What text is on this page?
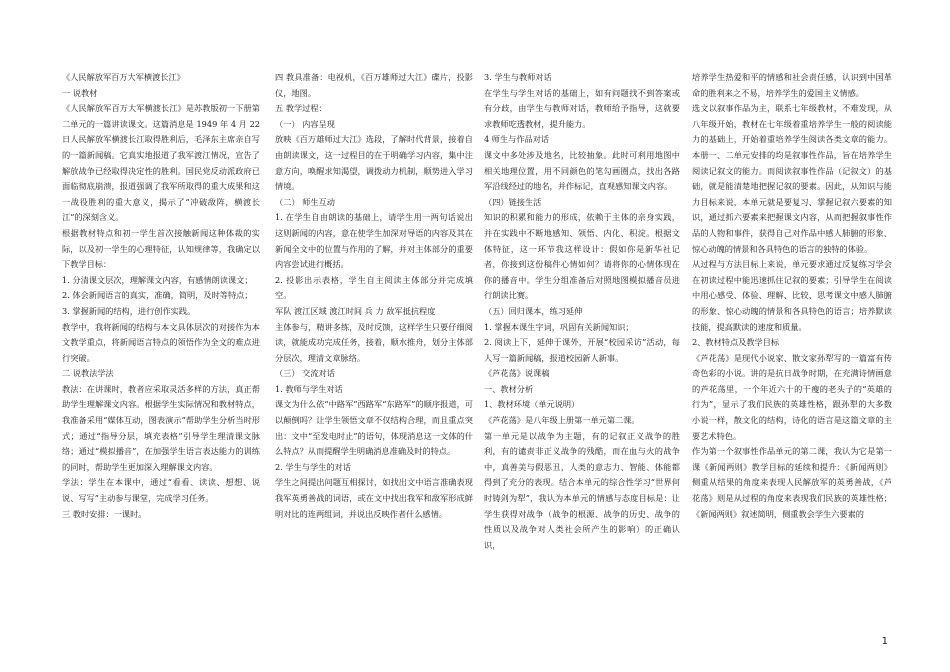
《人民解放军百万大军横渡长江》

一 说教材

《人民解放军百万大军横渡长江》是苏教版初一下册第二单元的一篇讲读课文。这篇消息是 1949 年 4 月 22 日人民解放军横渡长江取得胜利后，毛泽东主席亲自写的一篇新闻稿。它真实地报道了我军渡江情况，宣告了解放战争已经取得决定性的胜利。国民党反动派政府已面临彻底崩溃，报道强调了我军所取得的重大成果和这一战役胜利的重大意义，揭示了“冲破敌阵，横渡长江”的深刻含义。

根据教材特点和初一学生首次接触新闻这种体裁的实际，以及初一学生的心理特征，认知规律等，我确定以下教学目标：

1. 分清课文层次，理解课文内容，有感情朗读课文；

2. 体会新闻语言的真实，准确，简明，及时等特点；

3. 掌握新闻的结构，进行创作实践。

教学中，我将新闻的结构与本文具体层次的对接作为本文教学重点，将新闻语言特点的领悟作为全文的难点进行突破。

二 说教法学法

教法：在讲课时，教者应采取灵活多样的方法，真正帮助学生理解课文内容。根据学生实际情况和教材特点，我准备采用“媒体互动，图表演示”帮助学生分析当时形式；通过“指导分层，填充表格”引导学生理清课文脉络；通过“模拟播音”，在加强学生语言表达能力的训练的同时，帮助学生更加深入理解课文内容。

学法：学生在本课中，通过“看看、读读、想想、说说、写写”主动参与课堂，完成学习任务。

三 教时安排：一课时。

四 教具准备：电视机，《百万雄师过大江》碟片，投影仪，地图。

五 教学过程：

（一） 内容呈现

放映《百万雄师过大江》选段，了解时代背景，接着自由朗读课文，这一过程目的在于明确学习内容，集中注意方向，唤醒求知渴望，调拨动力机制，顺势进入学习情境。

（二） 师生互动

1. 在学生自由朗读的基础上，请学生用一两句话说出这则新闻的内容，意在使学生加深对导语的内容及其在新闻全文中的位置与作用的了解，并对主体部分的重要内容尝试进行概括。

2. 投影出示表格，学生自主阅读主体部分并完成填空。

军队 渡江区域 渡江时间 兵 力 敌军抵抗程度

主体参与，精讲多练，及时反馈，这样学生只要仔细阅读，就能成功完成任务，接着，顺水推舟，划分主体部分层次，理清文章脉络。

（三） 交流对话

1. 教师与学生对话

课文为什么依“中路军”西路军“东路军”的顺序报道，可以颠倒吗？让学生领悟文章不仅结构合理，而且重点突出：文中“至发电时止”的语句，体现消息这一文体的什么特点？从而提醒学生明确消息准确及时的特点。

2. 学生与学生的对话

学生之间提出问题互相探讨，如找出文中语言准确表现我军英勇善战的词语，或在文中找出我军和敌军形成鲜明对比的连两组词，并说出反映作者什么感情。

3. 学生与教师对话

在学生与学生对话的基础上，如有问题找不到答案或有分歧，由学生与教师对话，教师给予指导，这就要求教师吃透教材，提升能力。

4 师生与作品对话

课文中多处涉及地名，比较抽象。此时可利用地图中相关地理位置，用不同颜色的笔勾画圈点，找出各路军沿线经过的地名，并作标记，直观感知课文内容。

（四）链接生活

知识的积累和能力的形成，依赖于主体的亲身实践，并在实践中不断地感知、领悟、内化、积淀。根据文体特征，这一环节我这样设计：假如你是新华社记者，你接到这份稿件心情如何？请将你的心情体现在你的播音中。学生分组准备后对照地图模拟播音员进行朗读比赛。

（五）回归课本，练习延伸

1. 掌握本课生字词，巩固有关新闻知识；

2. 阅读上下，延伸于课外，开展“校园采访”活动，每人写一篇新闻稿，报道校园新人新事。

《芦花荡》说课稿

一、教材分析

1、教材环境（单元说明）

《芦花荡》是八年级上册第一单元第二课。

第一单元是以战争为主题，有的记叙正义战争的胜利，有的谴责非正义战争的残酷，而在血与火的战争中，真善美与假恶丑，人类的意志力、智能、体能都得到了充分的表现。结合本单元的综合性学习“世界何时铸剑为犁”，我认为本单元的情感与态度目标是：让学生获得对战争（战争的根源、战争的历史、战争的性质以及战争对人类社会所产生的影响）的正确认识，

培养学生热爱和平的情感和社会责任感，认识到中国革命的胜利来之不易，培养学生的爱国主义情感。

选文以叙事作品为主，联系七年级教材，不难发现，从八年级开始，教材在七年级着重培养学生一般的阅读能力的基础上，开始着重培养学生阅读各类文章的能力。本册一、二单元安排的均是叙事性作品，旨在培养学生阅读记叙文的能力。而阅读叙事性作品（记叙文）的基础，就是能清楚地把握记叙的要素。因此，从知识与能力目标来说，本单元就是要复习、掌握记叙六要素的知识，通过抓六要素来把握课文内容，从而把握叙事性作品的人物和事件，获得自己对作品中感人肺腑的形象、惊心动魄的情景和各具特色的语言的独特的体验。

从过程与方法目标上来说，单元要求通过反复练习学会在初读过程中能迅速抓住记叙的要素；引导学生在阅读中用心感受、体验、理解、比较、思考课文中感人肺腑的形象、惊心动魄的情景和各具特色的语言；培养默读技能，提高默读的速度和质量。

2、教材特点及教学目标

《芦花荡》是现代小说家、散文家孙犁写的一篇富有传奇色彩的小说。讲的是抗日战争时期，在充满诗情画意的芦花荡里，一个年近六十的干瘦的老头子的“英雄的行为”，显示了我们民族的英雄性格，跟孙犁的大多数小说一样，散文化的结构，诗化的语言是这篇文章的主要艺术特色。

作为第一个叙事性作品单元的第二课，我认为它是第一课《新闻两则》教学目标的延续和提升：《新闻两则》侧重从结果的角度来表现人民解放军的英勇善战，《芦花荡》则是从过程的角度来表现我们民族的英雄性格；《新闻两则》叙述简明，侧重教会学生六要素的

1
